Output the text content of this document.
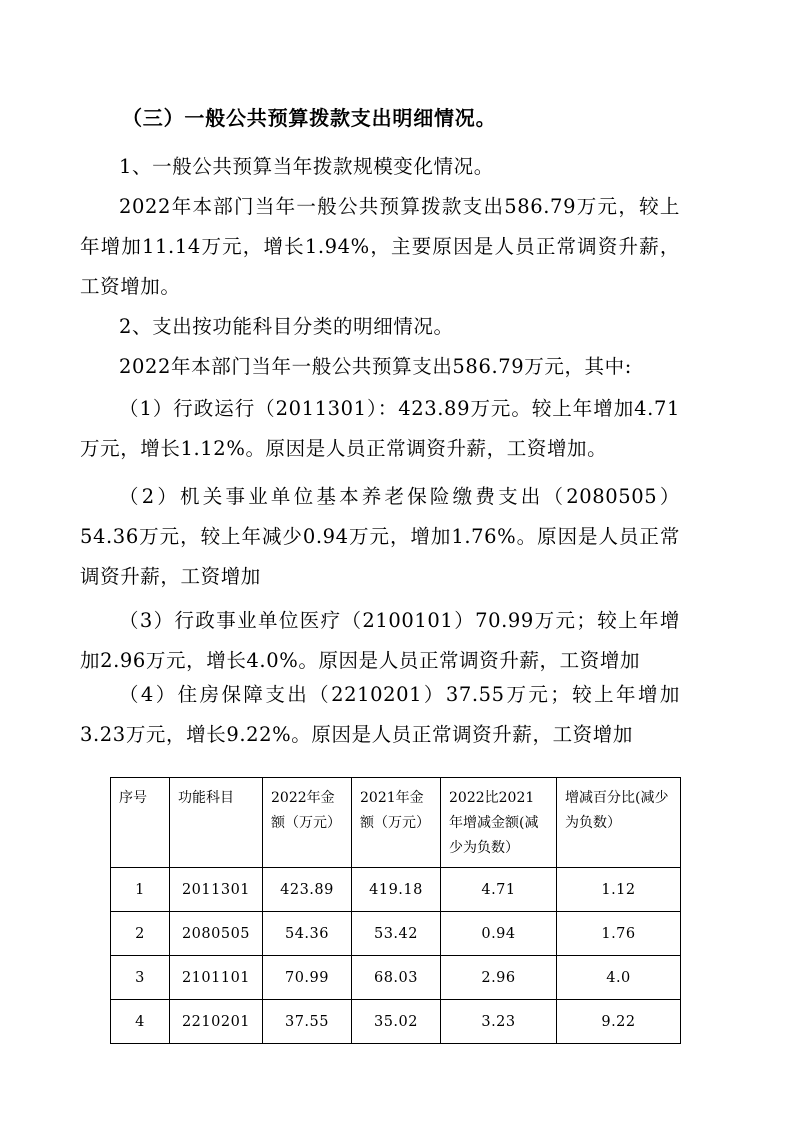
（三）一般公共预算拨款支出明细情况。

1、一般公共预算当年拨款规模变化情况。

2022年本部门当年一般公共预算拨款支出586.79万元，较上年增加11.14万元，增长1.94%，主要原因是人员正常调资升薪，工资增加。

2、支出按功能科目分类的明细情况。

2022年本部门当年一般公共预算支出586.79万元，其中:

（1）行政运行（2011301）：423.89万元。较上年增加4.71万元，增长1.12%。原因是人员正常调资升薪，工资增加。

（2）机关事业单位基本养老保险缴费支出（2080505）54.36万元，较上年减少0.94万元，增加1.76%。原因是人员正常调资升薪，工资增加

（3）行政事业单位医疗（2100101）70.99万元；较上年增加2.96万元，增长4.0%。原因是人员正常调资升薪，工资增加

（4）住房保障支出（2210201）37.55万元；较上年增加3.23万元，增长9.22%。原因是人员正常调资升薪，工资增加

序号	功能科目	2022年金额（万元）	2021年金额（万元）	2022比2021年增减金额(减少为负数）	增减百分比(减少为负数）
1	2011301	423.89	419.18	4.71	1.12
2	2080505	54.36	53.42	0.94	1.76
3	2101101	70.99	68.03	2.96	4.0
4	2210201	37.55	35.02	3.23	9.22
